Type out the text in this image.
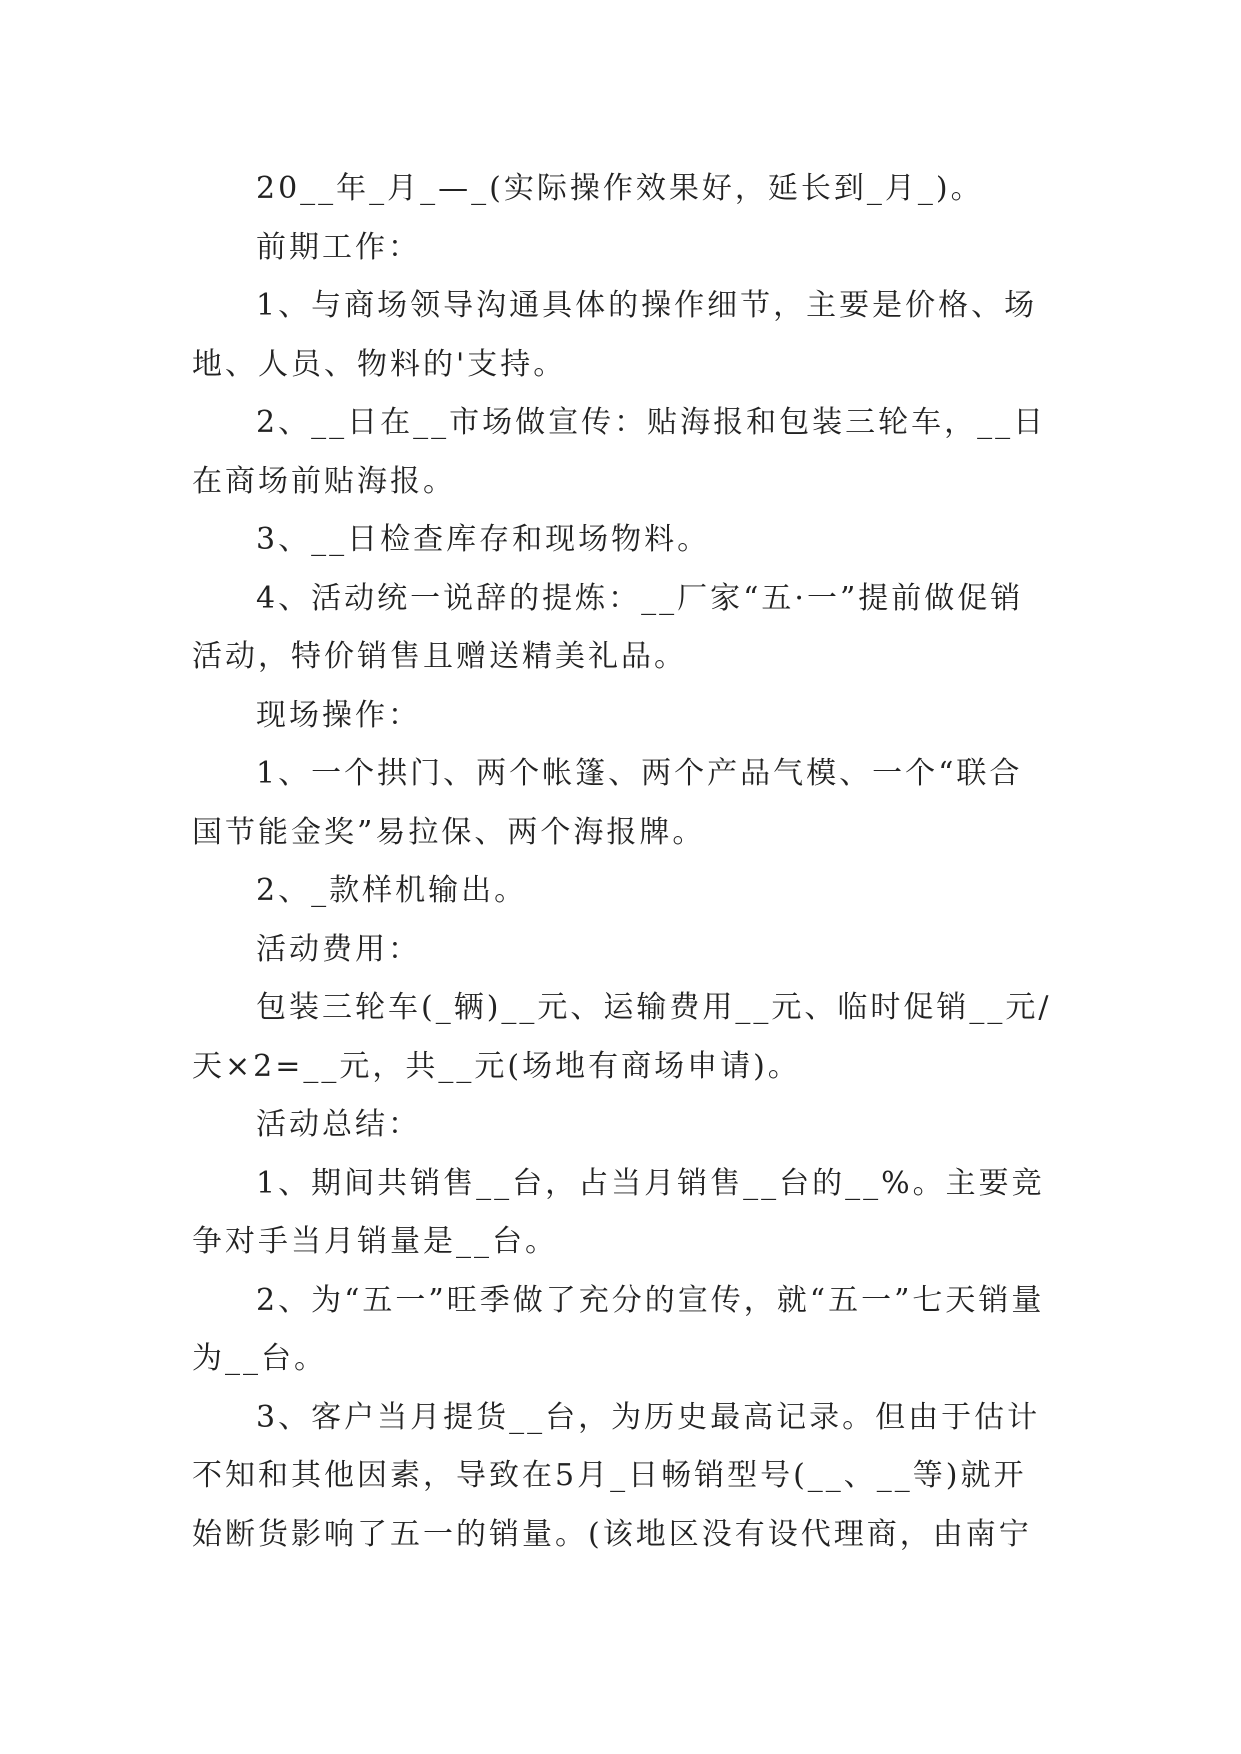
20__年_月_—_(实际操作效果好，延长到_月_)。

前期工作：

1、与商场领导沟通具体的操作细节，主要是价格、场地、人员、物料的'支持。

2、__日在__市场做宣传：贴海报和包装三轮车，__日在商场前贴海报。

3、__日检查库存和现场物料。

4、活动统一说辞的提炼：__厂家“五·一”提前做促销活动，特价销售且赠送精美礼品。

现场操作：

1、一个拱门、两个帐篷、两个产品气模、一个“联合国节能金奖”易拉保、两个海报牌。

2、_款样机输出。

活动费用：

包装三轮车(_辆)__元、运输费用__元、临时促销__元/天×2=__元，共__元(场地有商场申请)。

活动总结：

1、期间共销售__台，占当月销售__台的__%。主要竞争对手当月销量是__台。

2、为“五一”旺季做了充分的宣传，就“五一”七天销量为__台。

3、客户当月提货__台，为历史最高记录。但由于估计不知和其他因素，导致在5月_日畅销型号(__、__等)就开始断货影响了五一的销量。(该地区没有设代理商，由南宁
